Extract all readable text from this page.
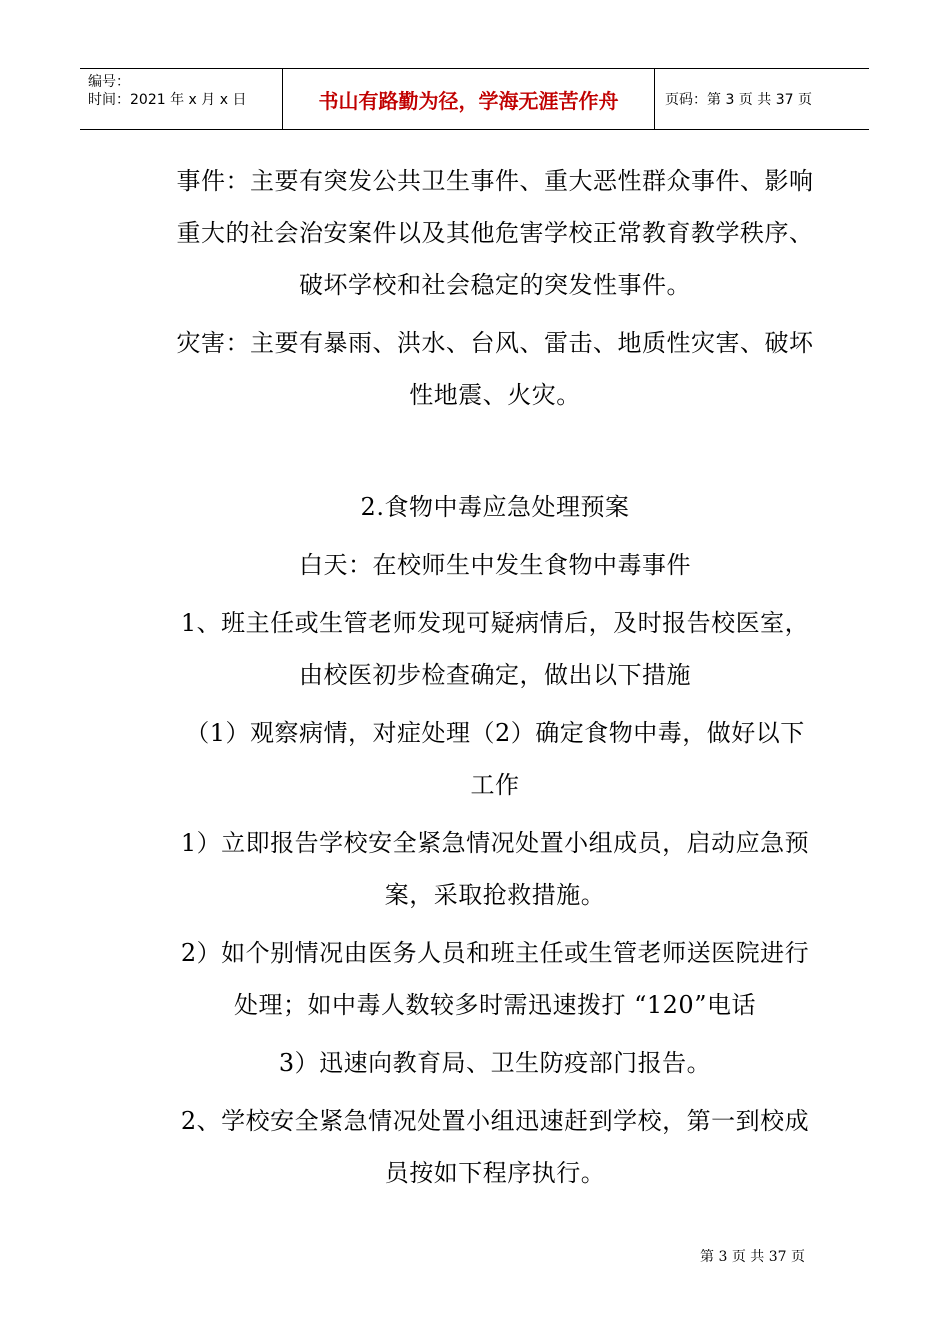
编号：
时间：2021 年 x 月 x 日	书山有路勤为径，学海无涯苦作舟	页码：第 3 页 共 37 页

事件：主要有突发公共卫生事件、重大恶性群众事件、影响重大的社会治安案件以及其他危害学校正常教育教学秩序、破坏学校和社会稳定的突发性事件。

灾害：主要有暴雨、洪水、台风、雷击、地质性灾害、破坏性地震、火灾。

2.食物中毒应急处理预案

白天：在校师生中发生食物中毒事件

1、班主任或生管老师发现可疑病情后，及时报告校医室，由校医初步检查确定，做出以下措施

（1）观察病情，对症处理（2）确定食物中毒，做好以下工作

1）立即报告学校安全紧急情况处置小组成员，启动应急预案，采取抢救措施。

2）如个别情况由医务人员和班主任或生管老师送医院进行处理；如中毒人数较多时需迅速拨打 “120”电话

3）迅速向教育局、卫生防疫部门报告。

2、学校安全紧急情况处置小组迅速赶到学校，第一到校成员按如下程序执行。

第 3 页 共 37 页
